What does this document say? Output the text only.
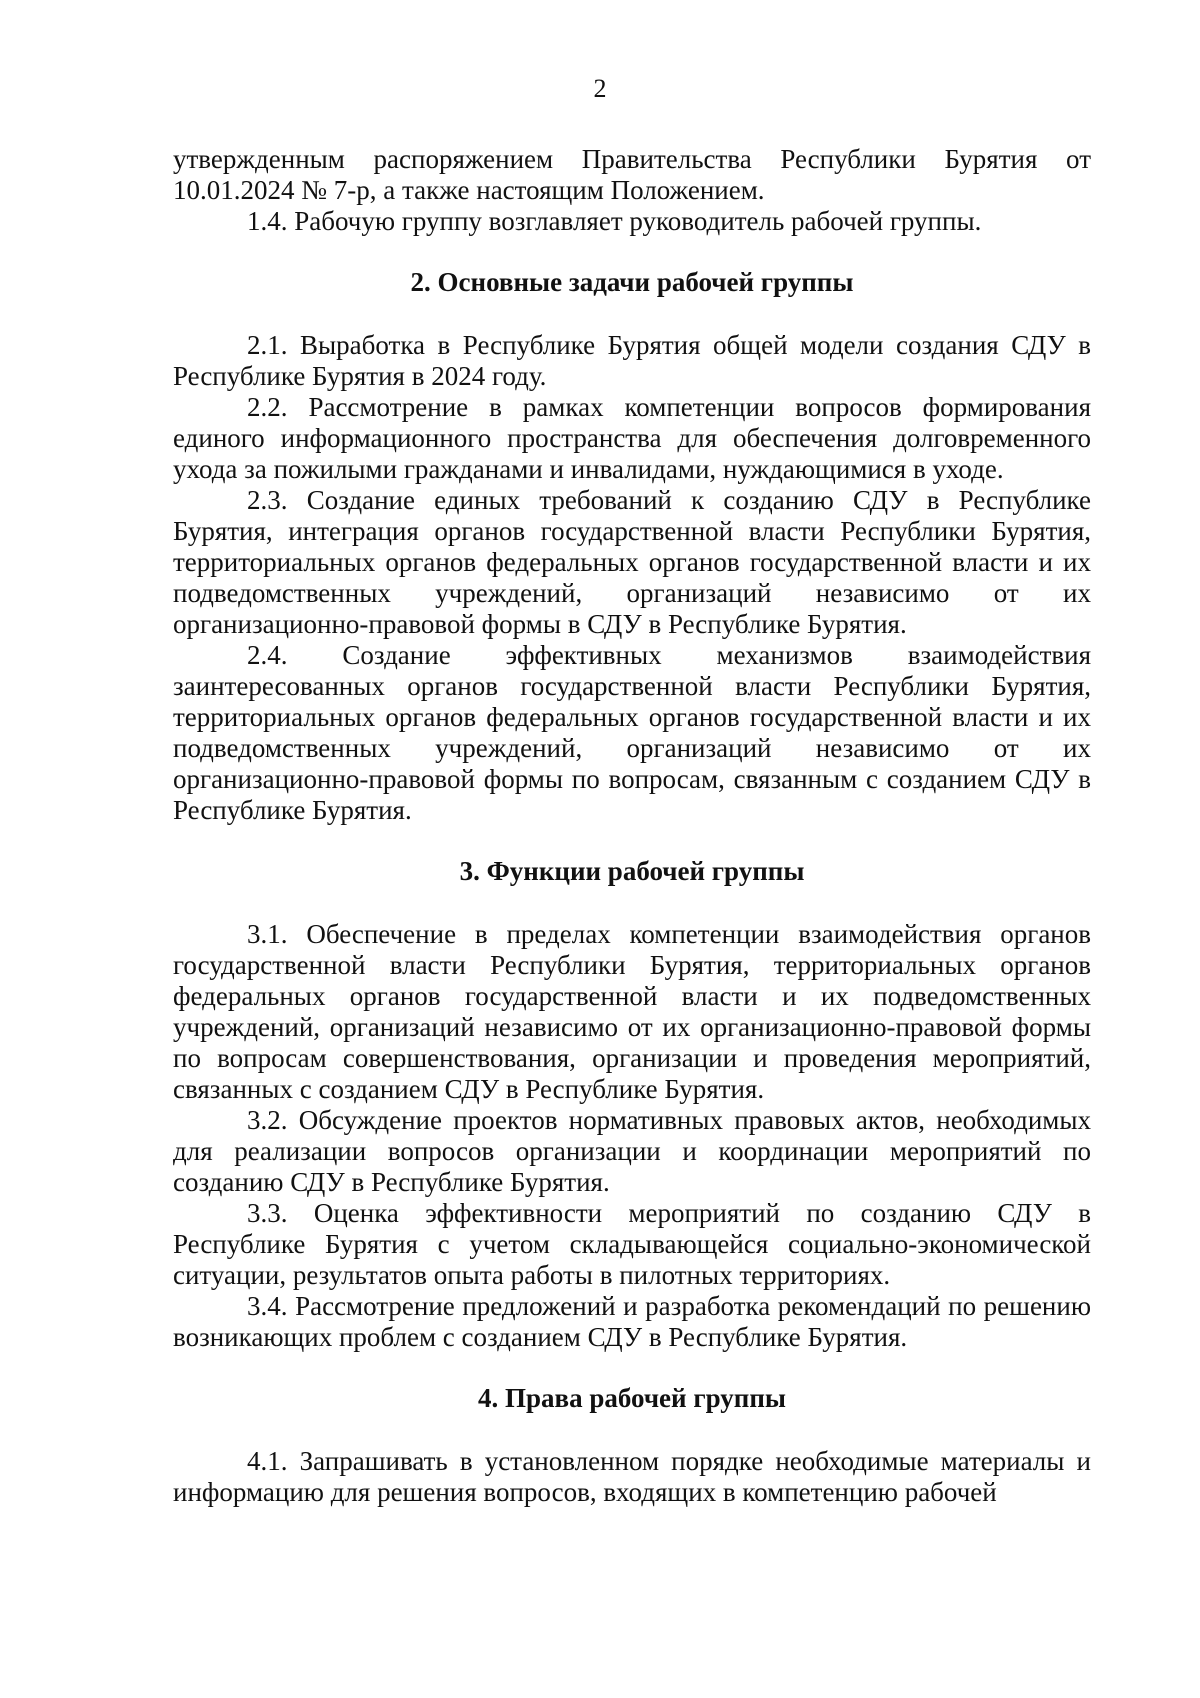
2

утвержденным распоряжением Правительства Республики Бурятия от 10.01.2024 № 7-р, а также настоящим Положением.

1.4. Рабочую группу возглавляет руководитель рабочей группы.

2. Основные задачи рабочей группы

2.1. Выработка в Республике Бурятия общей модели создания СДУ в Республике Бурятия в 2024 году.

2.2. Рассмотрение в рамках компетенции вопросов формирования единого информационного пространства для обеспечения долговременного ухода за пожилыми гражданами и инвалидами, нуждающимися в уходе.

2.3. Создание единых требований к созданию СДУ в Республике Бурятия, интеграция органов государственной власти Республики Бурятия, территориальных органов федеральных органов государственной власти и их подведомственных учреждений, организаций независимо от их организационно-правовой формы в СДУ в Республике Бурятия.

2.4. Создание эффективных механизмов взаимодействия заинтересованных органов государственной власти Республики Бурятия, территориальных органов федеральных органов государственной власти и их подведомственных учреждений, организаций независимо от их организационно-правовой формы по вопросам, связанным с созданием СДУ в Республике Бурятия.

3. Функции рабочей группы

3.1. Обеспечение в пределах компетенции взаимодействия органов государственной власти Республики Бурятия, территориальных органов федеральных органов государственной власти и их подведомственных учреждений, организаций независимо от их организационно-правовой формы по вопросам совершенствования, организации и проведения мероприятий, связанных с созданием СДУ в Республике Бурятия.

3.2. Обсуждение проектов нормативных правовых актов, необходимых для реализации вопросов организации и координации мероприятий по созданию СДУ в Республике Бурятия.

3.3. Оценка эффективности мероприятий по созданию СДУ в Республике Бурятия с учетом складывающейся социально-экономической ситуации, результатов опыта работы в пилотных территориях.

3.4. Рассмотрение предложений и разработка рекомендаций по решению возникающих проблем с созданием СДУ в Республике Бурятия.

4. Права рабочей группы

4.1. Запрашивать в установленном порядке необходимые материалы и информацию для решения вопросов, входящих в компетенцию рабочей
